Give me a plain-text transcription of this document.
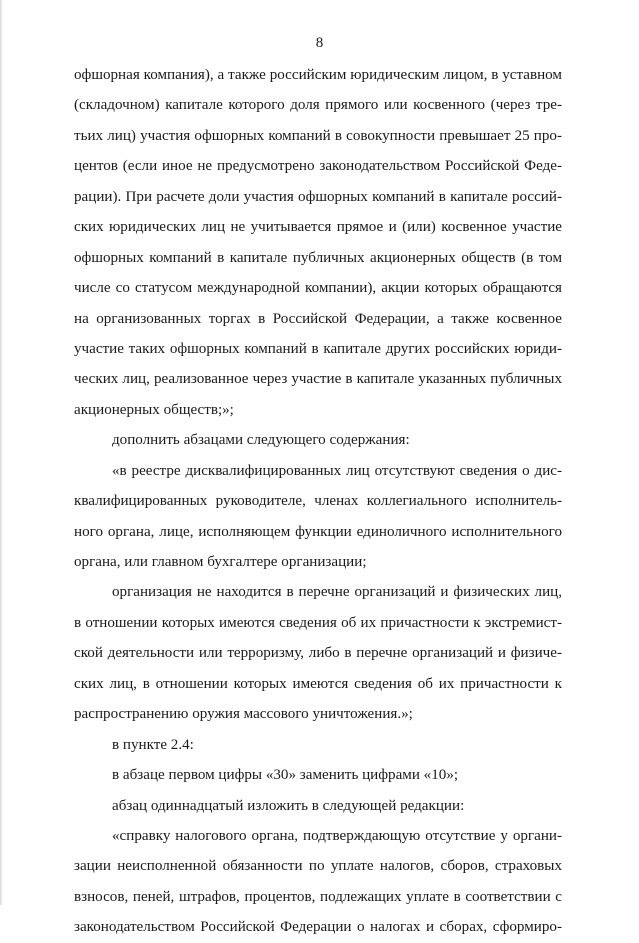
8
офшорная компания), а также российским юридическим лицом, в уставном
(складочном) капитале которого доля прямого или косвенного (через тре-
тьих лиц) участия офшорных компаний в совокупности превышает 25 про-
центов (если иное не предусмотрено законодательством Российской Феде-
рации). При расчете доли участия офшорных компаний в капитале россий-
ских юридических лиц не учитывается прямое и (или) косвенное участие
офшорных компаний в капитале публичных акционерных обществ (в том
числе со статусом международной компании), акции которых обращаются
на организованных торгах в Российской Федерации, а также косвенное
участие таких офшорных компаний в капитале других российских юриди-
ческих лиц, реализованное через участие в капитале указанных публичных
акционерных обществ;»;
дополнить абзацами следующего содержания:
«в реестре дисквалифицированных лиц отсутствуют сведения о дис-
квалифицированных руководителе, членах коллегиального исполнитель-
ного органа, лице, исполняющем функции единоличного исполнительного
органа, или главном бухгалтере организации;
организация не находится в перечне организаций и физических лиц,
в отношении которых имеются сведения об их причастности к экстремист-
ской деятельности или терроризму, либо в перечне организаций и физиче-
ских лиц, в отношении которых имеются сведения об их причастности к
распространению оружия массового уничтожения.»;
в пункте 2.4:
в абзаце первом цифры «30» заменить цифрами «10»;
абзац одиннадцатый изложить в следующей редакции:
«справку налогового органа, подтверждающую отсутствие у органи-
зации неисполненной обязанности по уплате налогов, сборов, страховых
взносов, пеней, штрафов, процентов, подлежащих уплате в соответствии с
законодательством Российской Федерации о налогах и сборах, сформиро-
